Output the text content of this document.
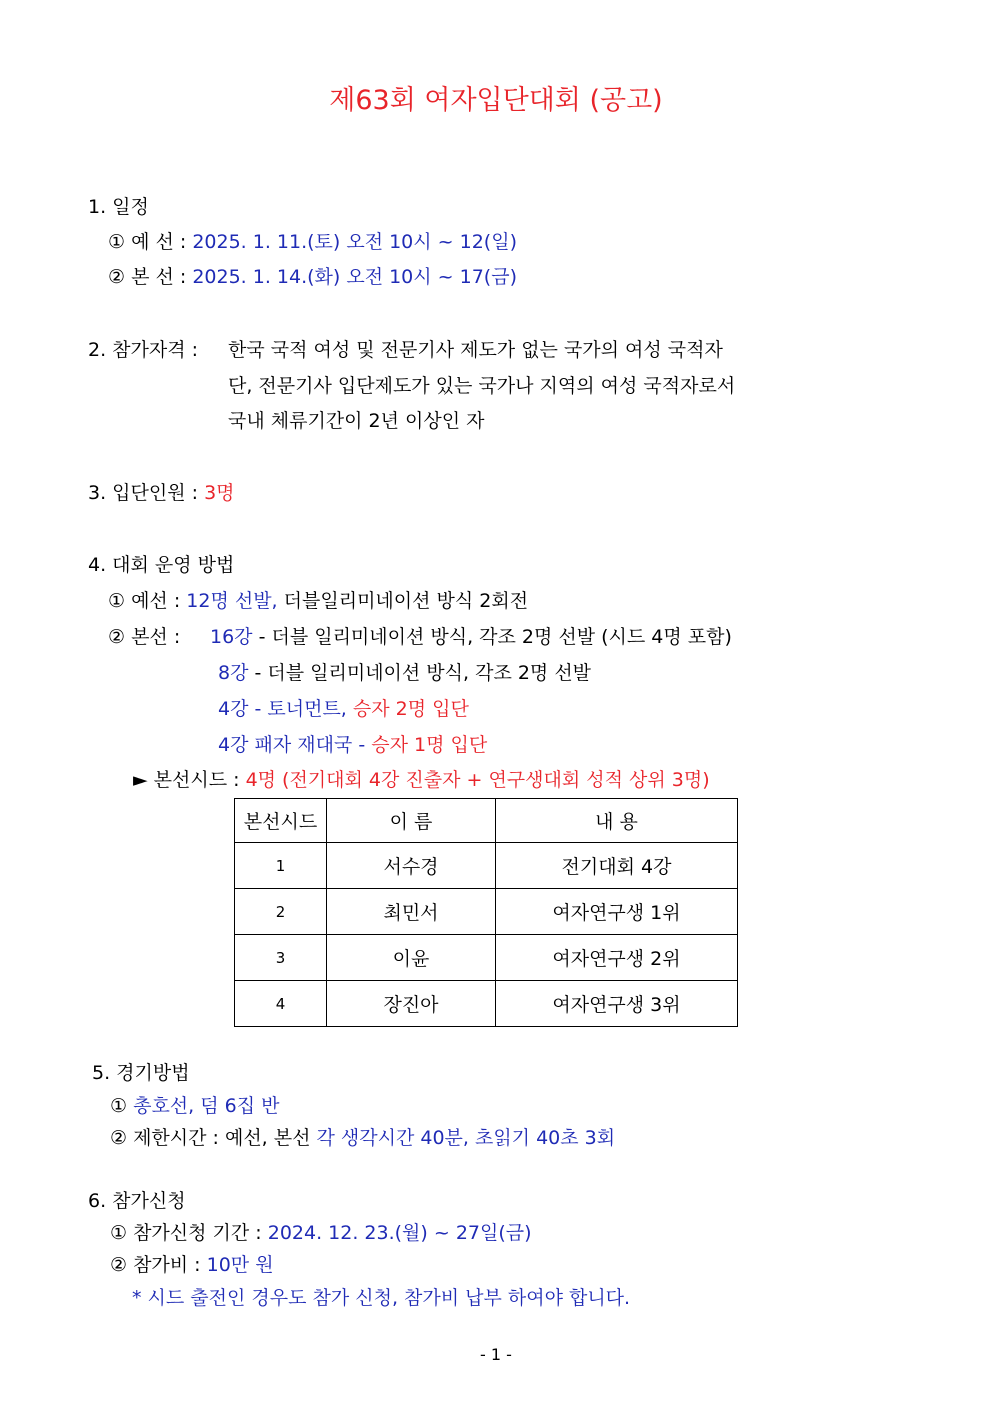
제63회 여자입단대회 (공고)
1. 일정
① 예 선 : 2025. 1. 11.(토) 오전 10시 ~ 12(일)
② 본 선 : 2025. 1. 14.(화) 오전 10시 ~ 17(금)
2. 참가자격 : 한국 국적 여성 및 전문기사 제도가 없는 국가의 여성 국적자
단, 전문기사 입단제도가 있는 국가나 지역의 여성 국적자로서
국내 체류기간이 2년 이상인 자
3. 입단인원 : 3명
4. 대회 운영 방법
① 예선 : 12명 선발, 더블일리미네이션 방식 2회전
② 본선 : 16강 - 더블 일리미네이션 방식, 각조 2명 선발 (시드 4명 포함)
8강 - 더블 일리미네이션 방식, 각조 2명 선발
4강 - 토너먼트, 승자 2명 입단
4강 패자 재대국 - 승자 1명 입단
► 본선시드 : 4명 (전기대회 4강 진출자 + 연구생대회 성적 상위 3명)
본선시드	이 름	내 용
1	서수경	전기대회 4강
2	최민서	여자연구생 1위
3	이윤	여자연구생 2위
4	장진아	여자연구생 3위
5. 경기방법
① 총호선, 덤 6집 반
② 제한시간 : 예선, 본선 각 생각시간 40분, 초읽기 40초 3회
6. 참가신청
① 참가신청 기간 : 2024. 12. 23.(월) ~ 27일(금)
② 참가비 : 10만 원
* 시드 출전인 경우도 참가 신청, 참가비 납부 하여야 합니다.
- 1 -
